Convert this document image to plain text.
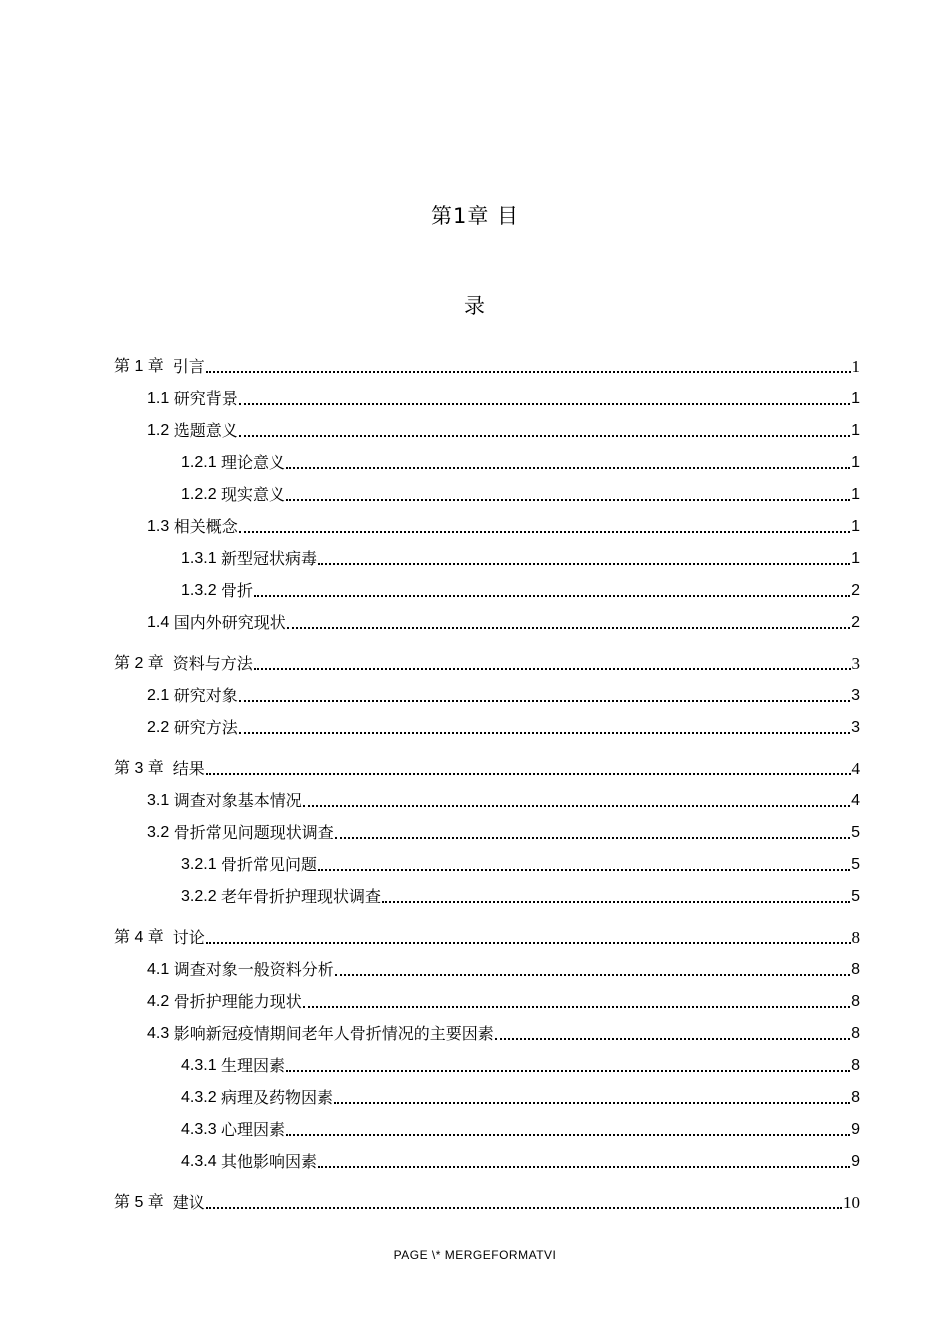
第1章 目
录
第 1 章 引言	1
1.1 研究背景	1
1.2 选题意义	1
1.2.1 理论意义	1
1.2.2 现实意义	1
1.3 相关概念	1
1.3.1 新型冠状病毒	1
1.3.2 骨折	2
1.4 国内外研究现状	2
第 2 章 资料与方法	3
2.1 研究对象	3
2.2 研究方法	3
第 3 章 结果	4
3.1 调查对象基本情况	4
3.2 骨折常见问题现状调查	5
3.2.1 骨折常见问题	5
3.2.2 老年骨折护理现状调查	5
第 4 章 讨论	8
4.1 调查对象一般资料分析	8
4.2 骨折护理能力现状	8
4.3 影响新冠疫情期间老年人骨折情况的主要因素	8
4.3.1 生理因素	8
4.3.2 病理及药物因素	8
4.3.3 心理因素	9
4.3.4 其他影响因素	9
第 5 章 建议	10
PAGE \* MERGEFORMATVI
